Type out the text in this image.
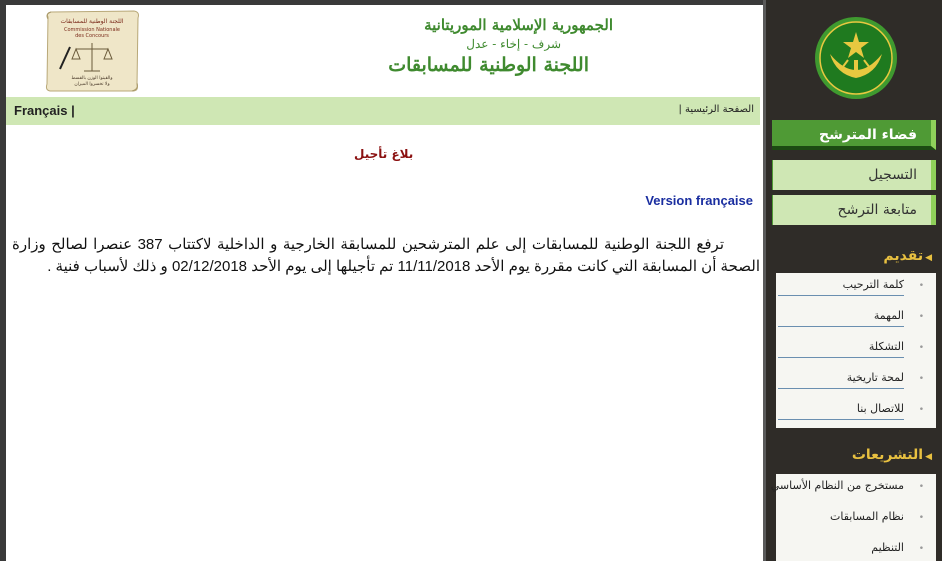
اللجنة الوطنية للمسابقات
Commission Nationale
des Concours
والقيتوا الوزن بالقسط
ولا تخسروا الميزان
الجمهورية الإسلامية الموريتانية
شرف - إخاء - عدل
اللجنة الوطنية للمسابقات
Français |	الصفحة الرئيسية |
بلاغ تأجيل
Version française
ترفع اللجنة الوطنية للمسابقات إلى علم المترشحين للمسابقة الخارجية و الداخلية لاكتتاب 387 عنصرا لصالح وزارة الصحة أن المسابقة التي كانت مقررة يوم الأحد 11/11/2018 تم تأجيلها إلى يوم الأحد 02/12/2018 و ذلك لأسباب فنية .
فضاء المترشح
التسجيل
متابعة الترشح
◀تقديم
•
كلمة الترحيب
•
المهمة
•
التشكلة
•
لمحة تاريخية
•
للاتصال بنا
◀التشريعات
•
مستخرج من النظام الأساسي
•
نظام المسابقات
•
التنظيم
